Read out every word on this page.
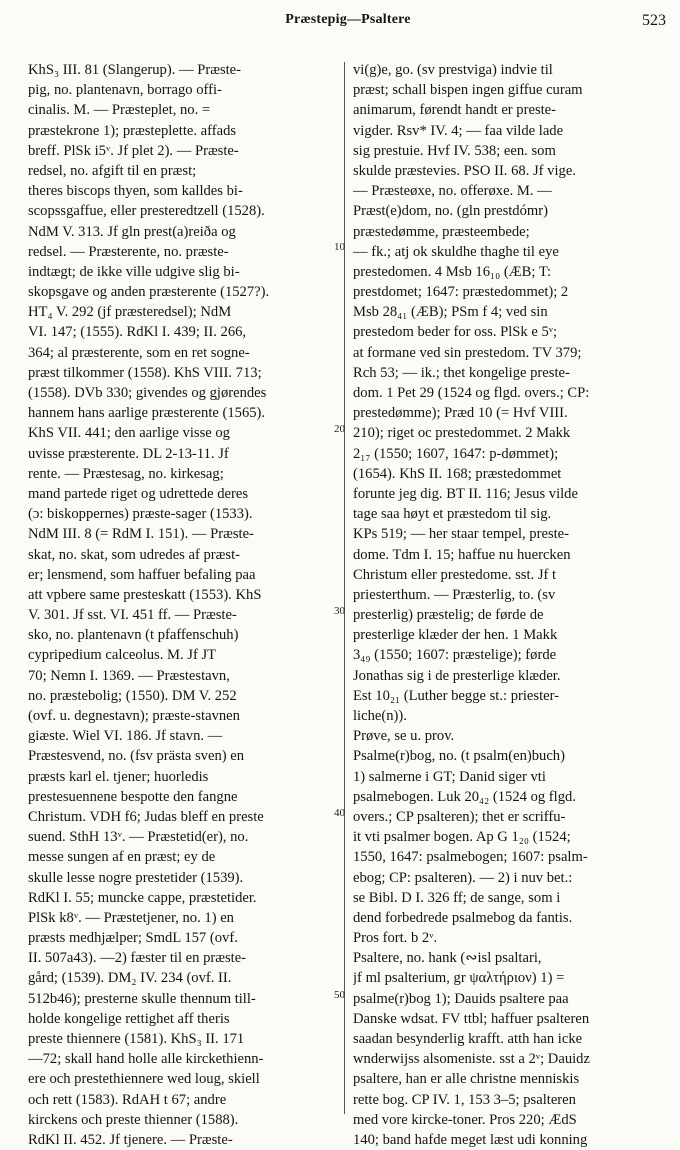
Præstepig—Psaltere	523
KhS₃ III. 81 (Slangerup). — Præste-
pig, no. plantenavn, borrago offi-
cinalis. M. — Præsteplet, no. =
præstekrone 1); præsteplette. affads
breff. PlSk i5ᵛ. Jf plet 2). — Præste-
redsel, no. afgift til en præst;
theres biscops thyen, som kalldes bi-
scopssgaffue, eller presteredtzell (1528).
NdM V. 313. Jf gln prest(a)reiða og
redsel. — Præsterente, no. præste-
indtægt; de ikke ville udgive slig bi-
skopsgave og anden præsterente (1527?).
HT₄ V. 292 (jf præsteredsel); NdM
VI. 147; (1555). RdKl I. 439; II. 266,
364; al præsterente, som en ret sogne-
præst tilkommer (1558). KhS VIII. 713;
(1558). DVb 330; givendes og gjørendes
hannem hans aarlige præsterente (1565).
KhS VII. 441; den aarlige visse og
uvisse præsterente. DL 2-13-11. Jf
rente. — Præstesag, no. kirkesag;
mand partede riget og udrettede deres
(ɔ: biskoppernes) præste-sager (1533).
NdM III. 8 (= RdM I. 151). — Præste-
skat, no. skat, som udredes af præst-
er; lensmend, som haffuer befaling paa
att vpbere same presteskatt (1553). KhS
V. 301. Jf sst. VI. 451 ff. — Præste-
sko, no. plantenavn (t pfaffenschuh)
cypripedium calceolus. M. Jf JT
70; Nemn I. 1369. — Præstestavn,
no. præstebolig; (1550). DM V. 252
(ovf. u. degnestavn); præste-stavnen
giæste. Wiel VI. 186. Jf stavn. —
Præstesvend, no. (fsv prästa sven) en
præsts karl el. tjener; huorledis
prestesuennene bespotte den fangne
Christum. VDH f6; Judas bleff en preste
suend. SthH 13ᵛ. — Præstetid(er), no.
messe sungen af en præst; ey de
skulle lesse nogre prestetider (1539).
RdKl I. 55; muncke cappe, præstetider.
PlSk k8ᵛ. — Præstetjener, no. 1) en
præsts medhjælper; SmdL 157 (ovf.
II. 507a43). —2) fæster til en præste-
gård; (1539). DM₂ IV. 234 (ovf. II.
512b46); presterne skulle thennum till-
holde kongelige rettighet aff theris
preste thiennere (1581). KhS₃ II. 171
—72; skall hand holle alle kirckethienn-
ere och prestethiennere wed loug, skiell
och rett (1583). RdAH t 67; andre
kirckens och preste thienner (1588).
RdKl II. 452. Jf tjenere. — Præste-
vi(g)e, go. (sv prestviga) indvie til
præst; schall bispen ingen giffue curam
animarum, førendt handt er preste-
vigder. Rsv* IV. 4; — faa vilde lade
sig prestuie. Hvf IV. 538; een. som
skulde præstevies. PSO II. 68. Jf vige.
— Præsteøxe, no. offerøxe. M. —
Præst(e)dom, no. (gln prestdómr)
præstedømme, præsteembede;
— fk.; atj ok skuldhe thaghe til eye
prestedomen. 4 Msb 16₁₀ (ÆB; T:
prestdomet; 1647: præstedommet); 2
Msb 28₄₁ (ÆB); PSm f 4; ved sin
prestedom beder for oss. PlSk e 5ᵛ;
at formane ved sin prestedom. TV 379;
Rch 53; — ik.; thet kongelige preste-
dom. 1 Pet 29 (1524 og flgd. overs.; CP:
prestedømme); Præd 10 (= Hvf VIII.
210); riget oc prestedommet. 2 Makk
2₁₇ (1550; 1607, 1647: p-dømmet);
(1654). KhS II. 168; præstedommet
forunte jeg dig. BT II. 116; Jesus vilde
tage saa høyt et præstedom til sig.
KPs 519; — her staar tempel, preste-
dome. Tdm I. 15; haffue nu huercken
Christum eller prestedome. sst. Jf t
priesterthum. — Præsterlig, to. (sv
presterlig) præstelig; de førde de
presterlige klæder der hen. 1 Makk
3₄₉ (1550; 1607: præstelige); førde
Jonathas sig i de presterlige klæder.
Est 10₂₁ (Luther begge st.: priester-
liche(n)).
Prøve, se u. prov.
Psalme(r)bog, no. (t psalm(en)buch)
1) salmerne i GT; Danid siger vti
psalmebogen. Luk 20₄₂ (1524 og flgd.
overs.; CP psalteren); thet er scriffu-
it vti psalmer bogen. Ap G 1₂₀ (1524;
1550, 1647: psalmebogen; 1607: psalm-
ebog; CP: psalteren). — 2) i nuv bet.:
se Bibl. D I. 326 ff; de sange, som i
dend forbedrede psalmebog da fantis.
Pros fort. b 2ᵛ.
Psaltere, no. hank (∾isl psaltari,
jf ml psalterium, gr ψαλτήριον) 1) =
psalme(r)bog 1); Dauids psaltere paa
Danske wdsat. FV ttbl; haffuer psalteren
saadan besynderlig krafft. atth han icke
wnderwijss alsomeniste. sst a 2ᵛ; Dauidz
psaltere, han er alle christne menniskis
rette bog. CP IV. 1, 153 3–5; psalteren
med vore kircke-toner. Pros 220; ÆdS
140; band hafde meget læst udi konning
10
20
30
40
50
